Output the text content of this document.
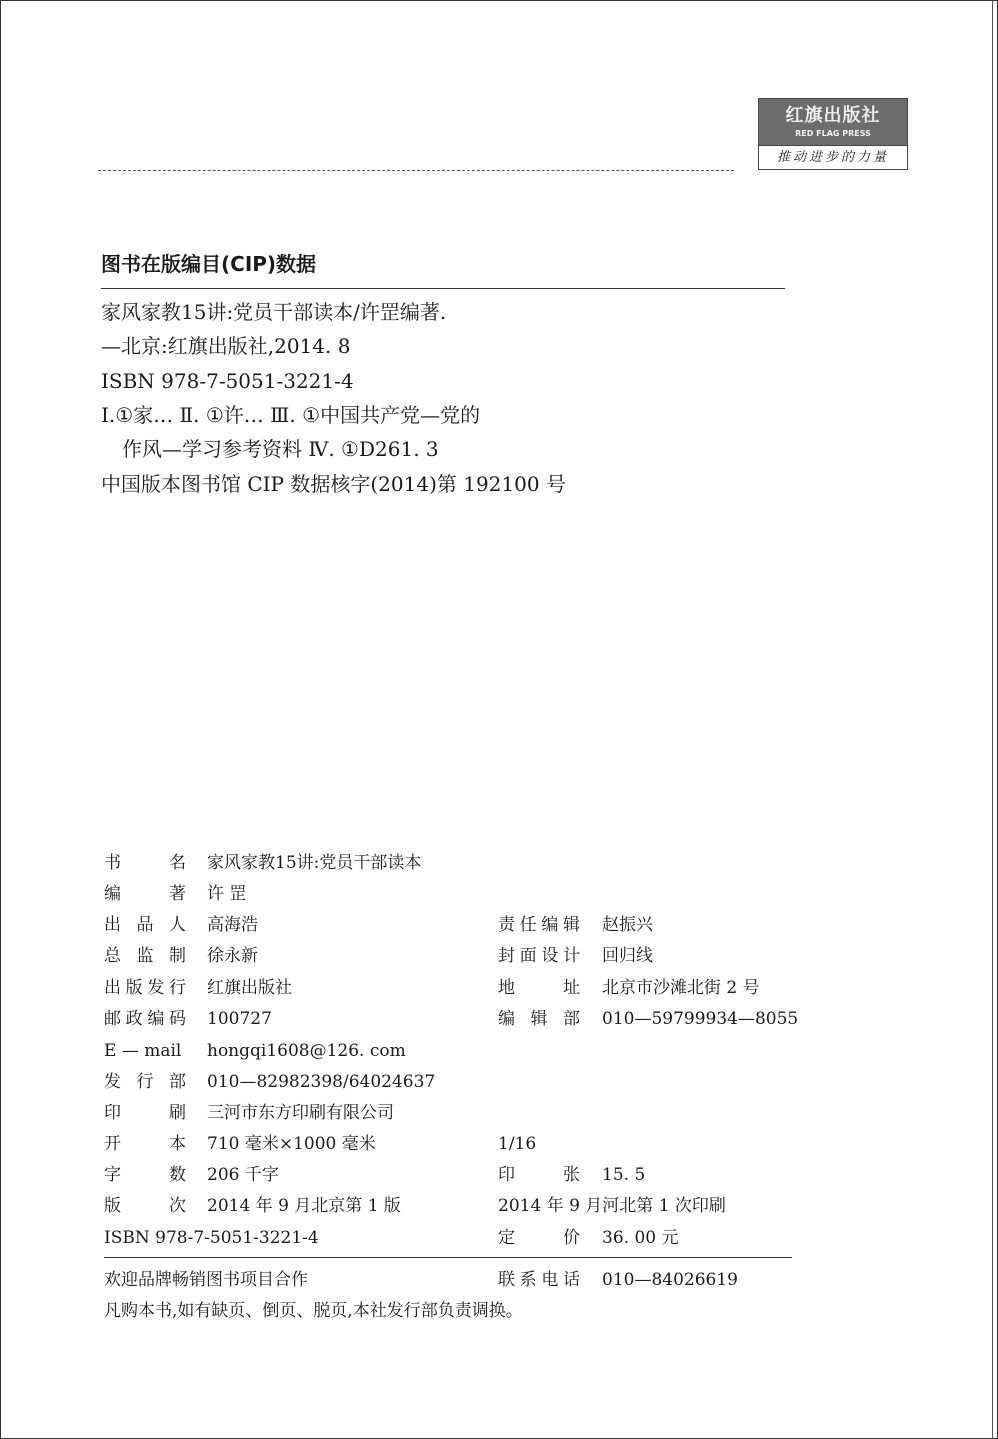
红旗出版社
RED FLAG PRESS
推动进步的力量
图书在版编目(CIP)数据
家风家教15讲:党员干部读本/许罡编著.
—北京:红旗出版社,2014. 8
ISBN 978-7-5051-3221-4
Ⅰ.①家… Ⅱ. ①许… Ⅲ. ①中国共产党—党的
作风—学习参考资料 Ⅳ. ①D261. 3
中国版本图书馆 CIP 数据核字(2014)第 192100 号
书	名 家风家教15讲:党员干部读本
编	著 许 罡
出 品 人 高海浩	责 任 编 辑 赵振兴
总 监 制 徐永新	封 面 设 计 回归线
出 版 发 行 红旗出版社	地	址 北京市沙滩北街 2 号
邮 政 编 码 100727	编 辑 部 010—59799934—8055
E — mail hongqi1608@126. com
发 行 部 010—82982398/64024637
印	刷 三河市东方印刷有限公司
开	本 710 毫米×1000 毫米	1/16
字	数 206 千字	印	张 15. 5
版	次 2014 年 9 月北京第 1 版	2014 年 9 月河北第 1 次印刷
ISBN 978-7-5051-3221-4	定	价 36. 00 元
欢迎品牌畅销图书项目合作	联 系 电 话 010—84026619
凡购本书,如有缺页、倒页、脱页,本社发行部负责调换。
